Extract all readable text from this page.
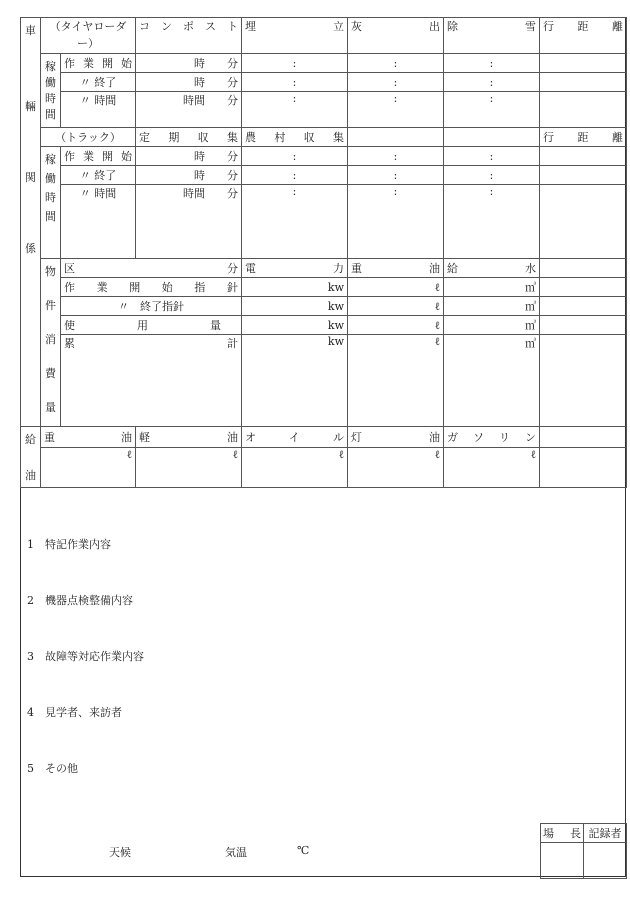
車
輛
関
係	（タイヤローダー）		コンポスト	埋 立	灰 出	除 雪	行距離	

	稼
働
時
間	作 業 開 始	時 分	:	:	:		
		〃 終了	時 分	:	:	:		
		〃 時間	時間 分	:	:	:		
	（トラック）		定期収集	農村収集			行距離	

	稼
働
時
間	作 業 開 始	時 分	:	:	:		
		〃 終了	時 分	:	:	:		
		〃 時間	時間 分	:	:	:		

	物
件
消
費
量	区分		電力	重油	給水		
		作業開始指針		kw	ℓ	㎥		
		〃　終了指針		kw	ℓ	㎥		
		使用量		kw	ℓ	㎥		
		累計		kw	ℓ	㎥		

給
油	重油		軽油	オイル	灯油	ガソリン		
	ℓ		ℓ	ℓ	ℓ	ℓ		
1 特記作業内容
2 機器点検整備内容
3 故障等対応作業内容
4 見学者、来訪者
5 その他
天候	気温	℃
場長	記録者
